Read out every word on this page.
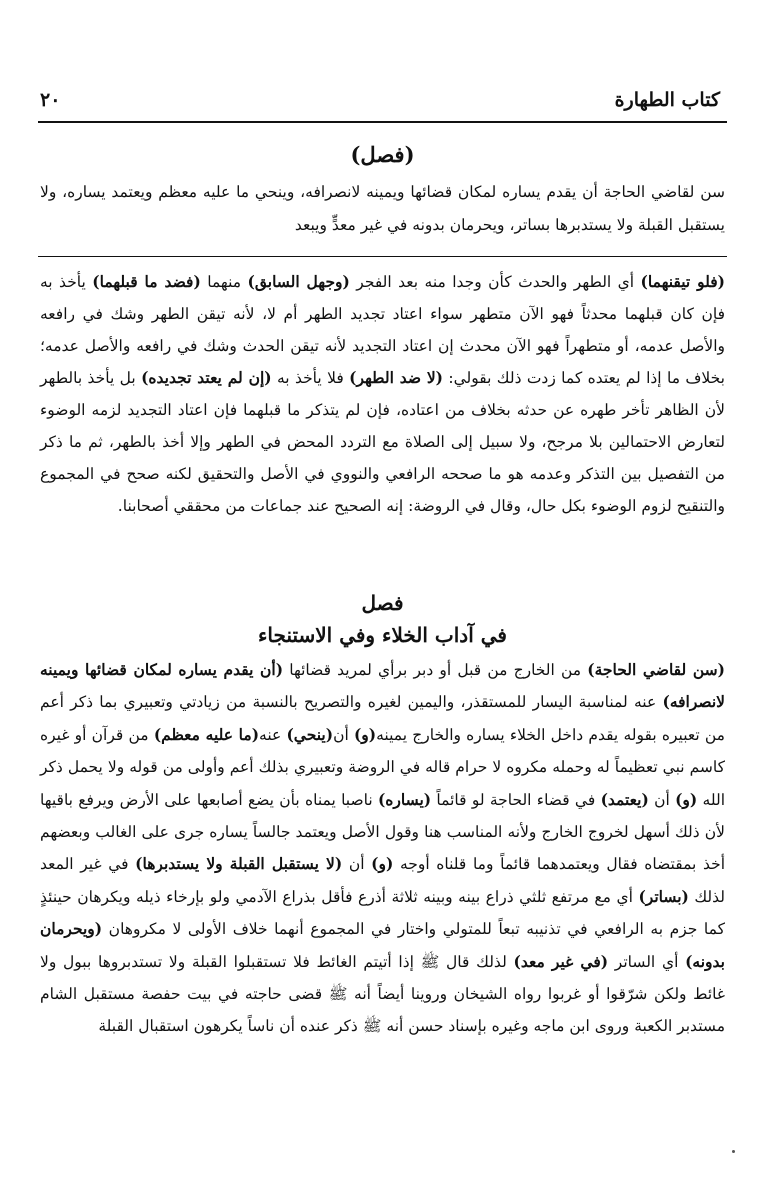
كتاب الطهارة
٢٠
(فصل)
سن لقاضي الحاجة أن يقدم يساره لمكان قضائها ويمينه لانصرافه، وينحي ما عليه معظم ويعتمد يساره، ولا يستقبل القبلة ولا يستدبرها بساتر، ويحرمان بدونه في غير معدٍّ ويبعد
(فلو تيقنهما) أي الطهر والحدث كأن وجدا منه بعد الفجر (وجهل السابق) منهما (فضد ما قبلهما) يأخذ به فإن كان قبلهما محدثاً فهو الآن متطهر سواء اعتاد تجديد الطهر أم لا، لأنه تيقن الطهر وشك في رافعه والأصل عدمه، أو متطهراً فهو الآن محدث إن اعتاد التجديد لأنه تيقن الحدث وشك في رافعه والأصل عدمه؛ بخلاف ما إذا لم يعتده كما زدت ذلك بقولي: (لا ضد الطهر) فلا يأخذ به (إن لم يعتد تجديده) بل يأخذ بالطهر لأن الظاهر تأخر طهره عن حدثه بخلاف من اعتاده، فإن لم يتذكر ما قبلهما فإن اعتاد التجديد لزمه الوضوء لتعارض الاحتمالين بلا مرجح، ولا سبيل إلى الصلاة مع التردد المحض في الطهر وإلا أخذ بالطهر، ثم ما ذكر من التفصيل بين التذكر وعدمه هو ما صححه الرافعي والنووي في الأصل والتحقيق لكنه صحح في المجموع والتنقيح لزوم الوضوء بكل حال، وقال في الروضة: إنه الصحيح عند جماعات من محققي أصحابنا.
فصل
في آداب الخلاء وفي الاستنجاء
(سن لقاضي الحاجة) من الخارج من قبل أو دبر برأي لمريد قضائها (أن يقدم يساره لمكان قضائها ويمينه لانصرافه) عنه لمناسبة اليسار للمستقذر، واليمين لغيره والتصريح بالنسبة من زيادتي وتعبيري بما ذكر أعم من تعبيره بقوله يقدم داخل الخلاء يساره والخارج يمينه(و) أن(ينحي) عنه(ما عليه معظم) من قرآن أو غيره كاسم نبي تعظيماً له وحمله مكروه لا حرام قاله في الروضة وتعبيري بذلك أعم وأولى من قوله ولا يحمل ذكر الله (و) أن (يعتمد) في قضاء الحاجة لو قائماً (يساره) ناصبا يمناه بأن يضع أصابعها على الأرض ويرفع باقيها لأن ذلك أسهل لخروج الخارج ولأنه المناسب هنا وقول الأصل ويعتمد جالساً يساره جرى على الغالب وبعضهم أخذ بمقتضاه فقال ويعتمدهما قائماً وما قلناه أوجه (و) أن (لا يستقبل القبلة ولا يستدبرها) في غير المعد لذلك (بساتر) أي مع مرتفع ثلثي ذراع بينه وبينه ثلاثة أذرع فأقل بذراع الآدمي ولو بإرخاء ذيله ويكرهان حينئذٍ كما جزم به الرافعي في تذنيبه تبعاً للمتولي واختار في المجموع أنهما خلاف الأولى لا مكروهان (ويحرمان بدونه) أي الساتر (في غير معد) لذلك قال ﷺ إذا أتيتم الغائط فلا تستقبلوا القبلة ولا تستدبروها ببول ولا غائط ولكن شرّقوا أو غربوا رواه الشيخان وروينا أيضاً أنه ﷺ قضى حاجته في بيت حفصة مستقبل الشام مستدبر الكعبة وروى ابن ماجه وغيره بإسناد حسن أنه ﷺ ذكر عنده أن ناساً يكرهون استقبال القبلة
